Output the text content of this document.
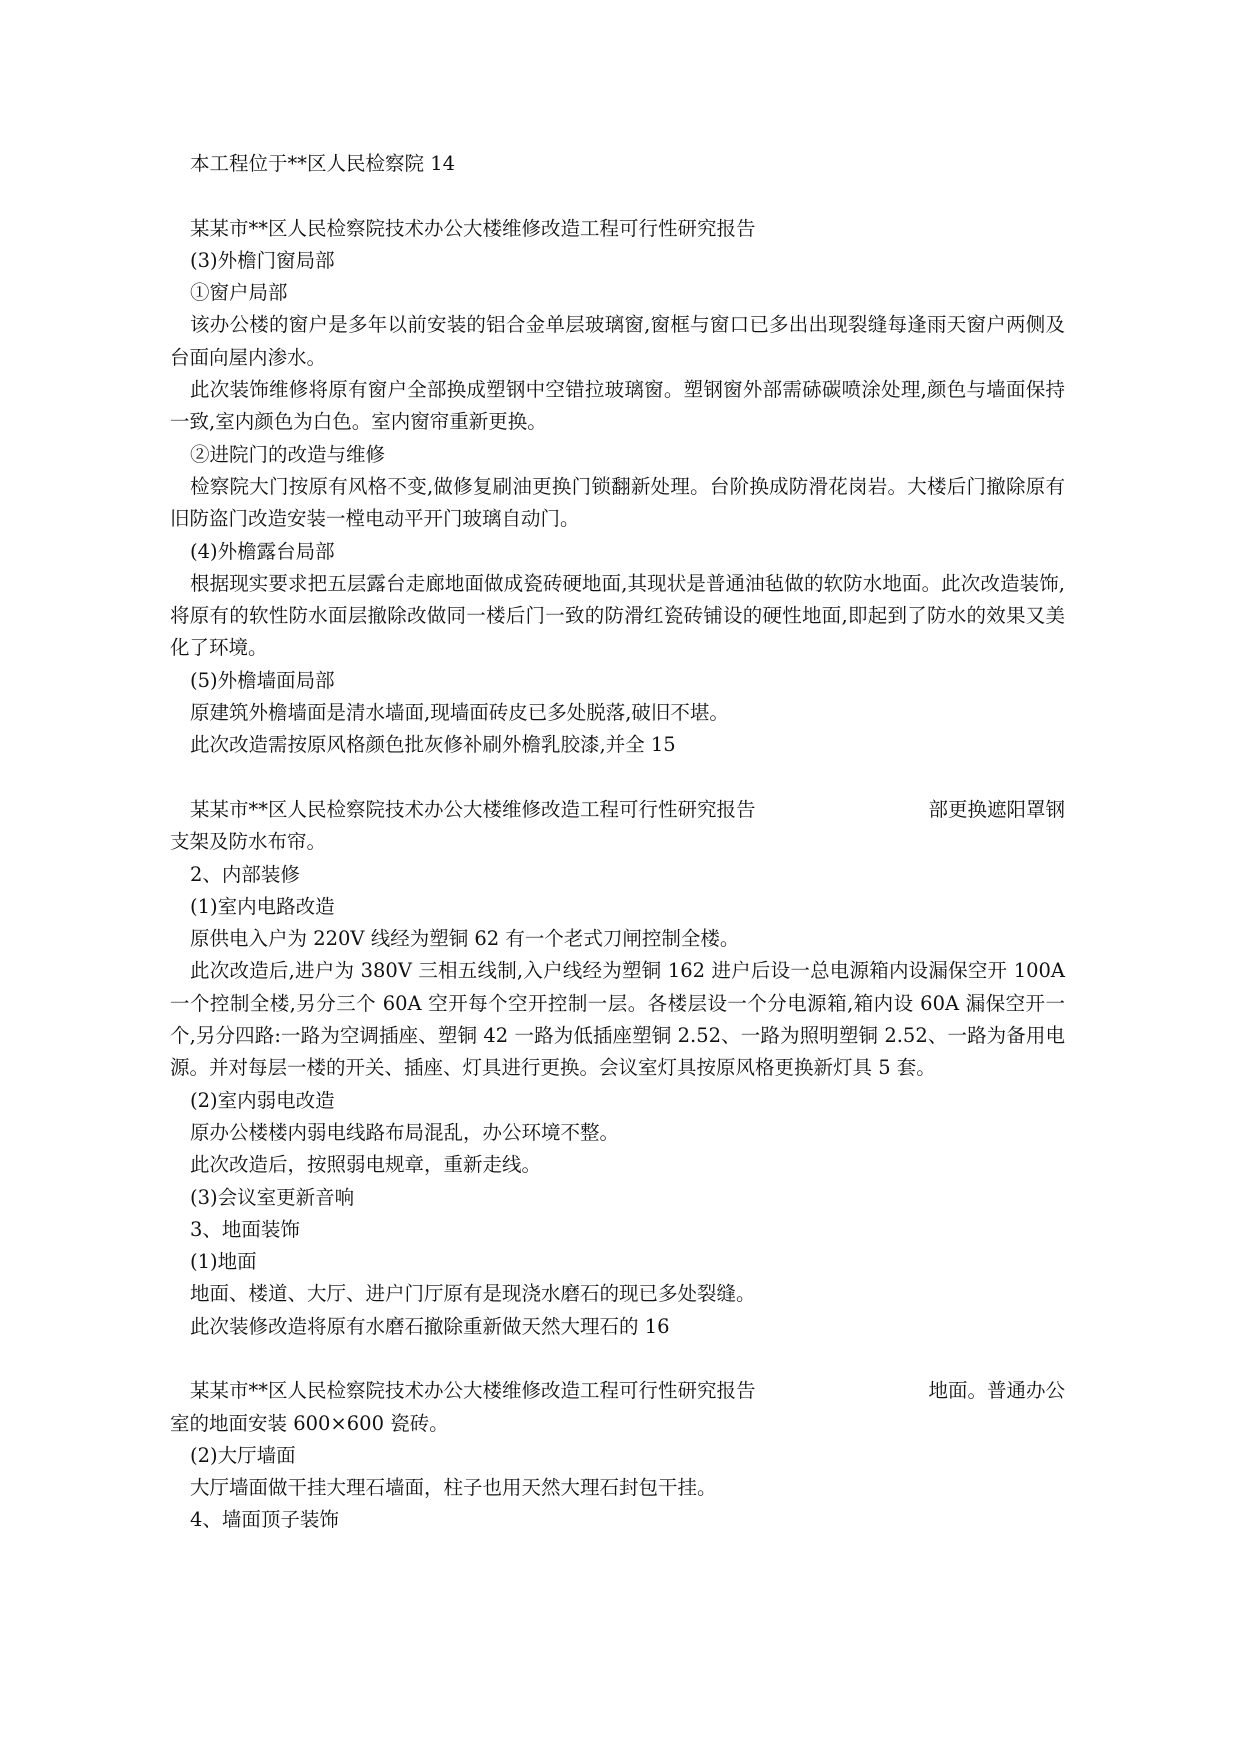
本工程位于**区人民检察院 14

某某市**区人民检察院技术办公大楼维修改造工程可行性研究报告

(3)外檐门窗局部

①窗户局部

该办公楼的窗户是多年以前安装的铝合金单层玻璃窗,窗框与窗口已多出出现裂缝每逢雨天窗户两侧及台面向屋内渗水。

此次装饰维修将原有窗户全部换成塑钢中空错拉玻璃窗。塑钢窗外部需硳碳喷涂处理,颜色与墙面保持一致,室内颜色为白色。室内窗帘重新更换。

②进院门的改造与维修

检察院大门按原有风格不变,做修复刷油更换门锁翻新处理。台阶换成防滑花岗岩。大楼后门撤除原有旧防盗门改造安装一樘电动平开门玻璃自动门。

(4)外檐露台局部

根据现实要求把五层露台走廊地面做成瓷砖硬地面,其现状是普通油毡做的软防水地面。此次改造装饰,将原有的软性防水面层撤除改做同一楼后门一致的防滑红瓷砖铺设的硬性地面,即起到了防水的效果又美化了环境。

(5)外檐墙面局部

原建筑外檐墙面是清水墙面,现墙面砖皮已多处脱落,破旧不堪。

此次改造需按原风格颜色批灰修补刷外檐乳胶漆,并全 15

某某市**区人民检察院技术办公大楼维修改造工程可行性研究报告	部更换遮阳罩钢

支架及防水布帘。

2、内部装修

(1)室内电路改造

原供电入户为 220V 线经为塑铜 62 有一个老式刀闸控制全楼。

此次改造后,进户为 380V 三相五线制,入户线经为塑铜 162 进户后设一总电源箱内设漏保空开 100A 一个控制全楼,另分三个 60A 空开每个空开控制一层。各楼层设一个分电源箱,箱内设 60A 漏保空开一个,另分四路:一路为空调插座、塑铜 42 一路为低插座塑铜 2.52、一路为照明塑铜 2.52、一路为备用电源。并对每层一楼的开关、插座、灯具进行更换。会议室灯具按原风格更换新灯具 5 套。

(2)室内弱电改造

原办公楼楼内弱电线路布局混乱，办公环境不整。

此次改造后，按照弱电规章，重新走线。

(3)会议室更新音响

3、地面装饰

(1)地面

地面、楼道、大厅、进户门厅原有是现浇水磨石的现已多处裂缝。

此次装修改造将原有水磨石撤除重新做天然大理石的 16

某某市**区人民检察院技术办公大楼维修改造工程可行性研究报告	地面。普通办公

室的地面安装 600×600 瓷砖。

(2)大厅墙面

大厅墙面做干挂大理石墙面，柱子也用天然大理石封包干挂。

4、墙面顶子装饰
